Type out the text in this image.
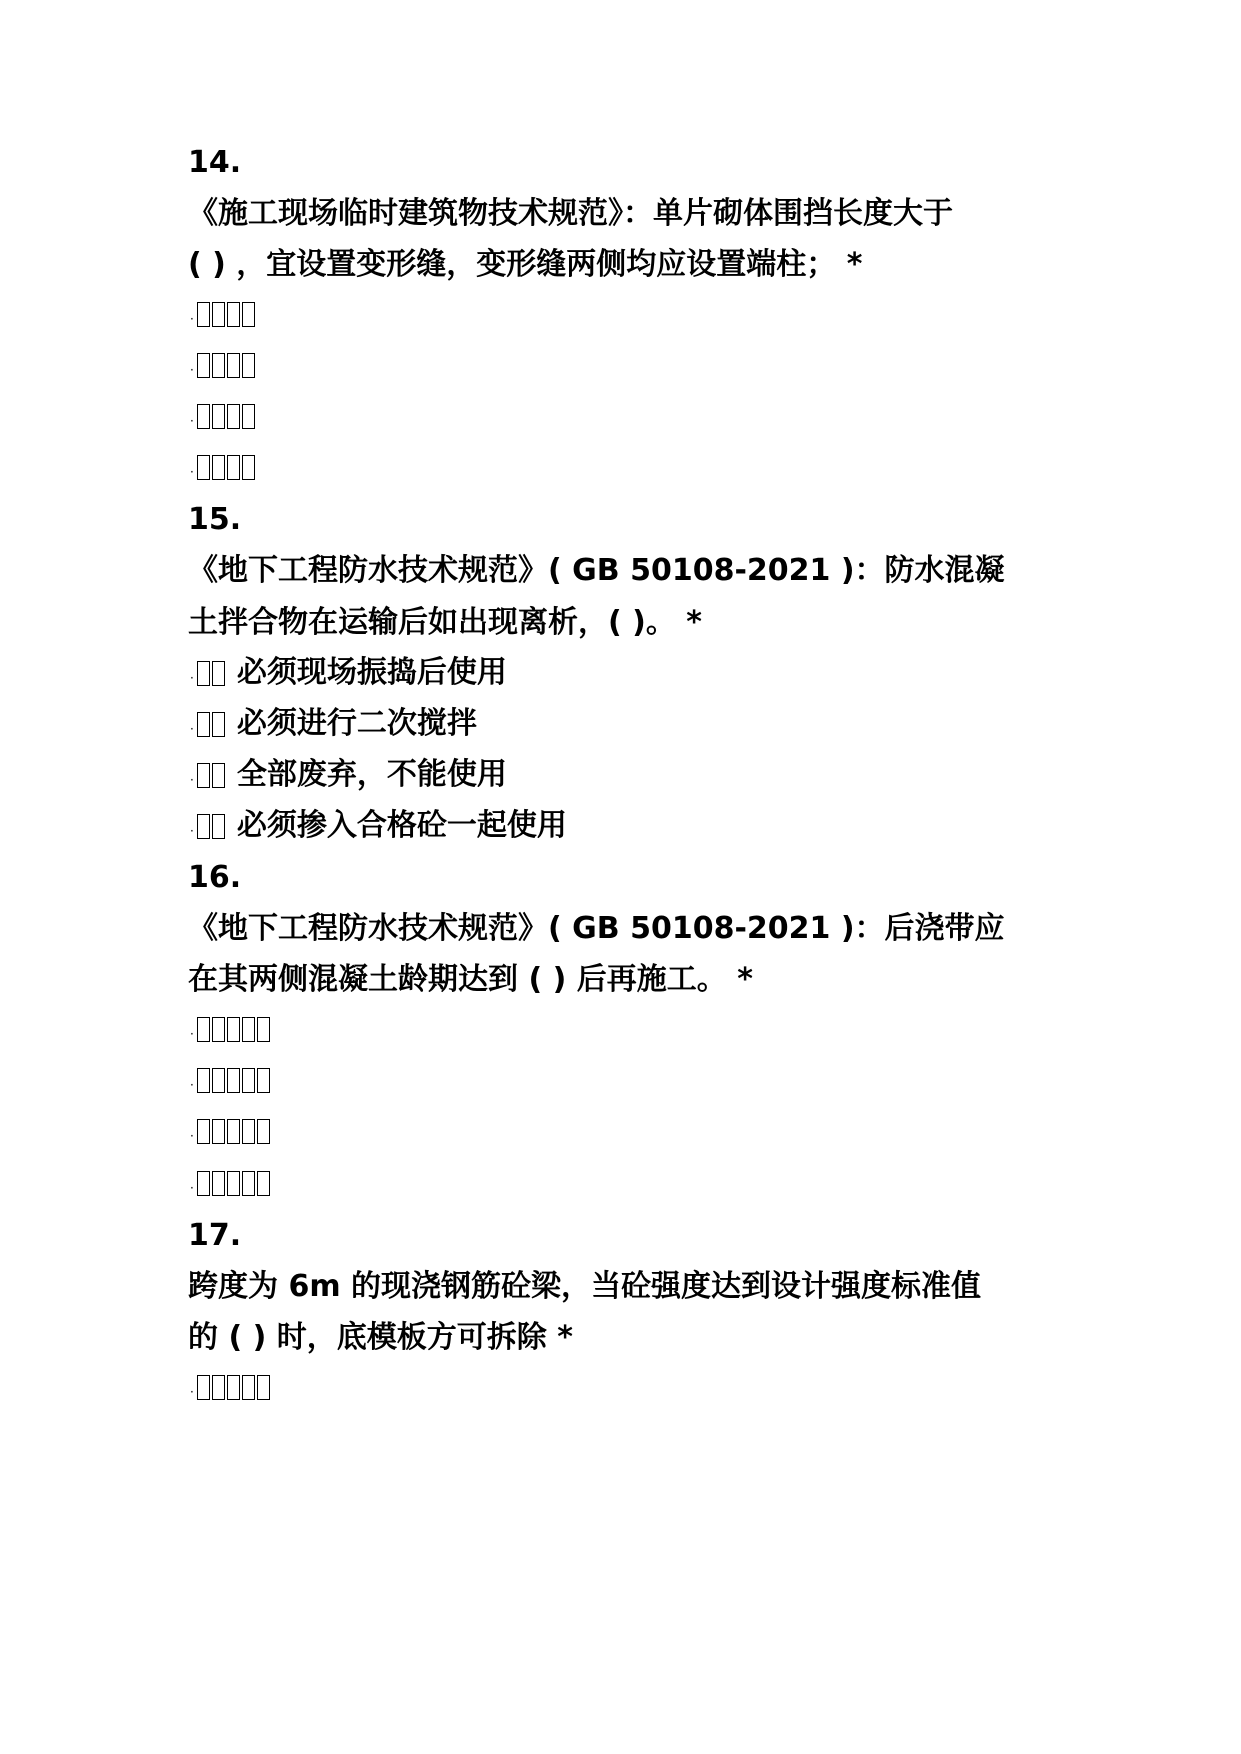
14.
《施工现场临时建筑物技术规范》：单片砌体围挡长度大于
( ) ，宜设置变形缝，变形缝两侧均应设置端柱； *
·
·
·
·
15.
《地下工程防水技术规范》( GB 50108-2021 )：防水混凝
土拌合物在运输后如出现离析，( )。 *
· 必须现场振捣后使用
· 必须进行二次搅拌
· 全部废弃，不能使用
· 必须掺入合格砼一起使用
16.
《地下工程防水技术规范》( GB 50108-2021 )：后浇带应
在其两侧混凝土龄期达到 ( ) 后再施工。 *
·
·
·
·
17.
跨度为 6m 的现浇钢筋砼梁，当砼强度达到设计强度标准值
的 ( ) 时，底模板方可拆除 *
·
